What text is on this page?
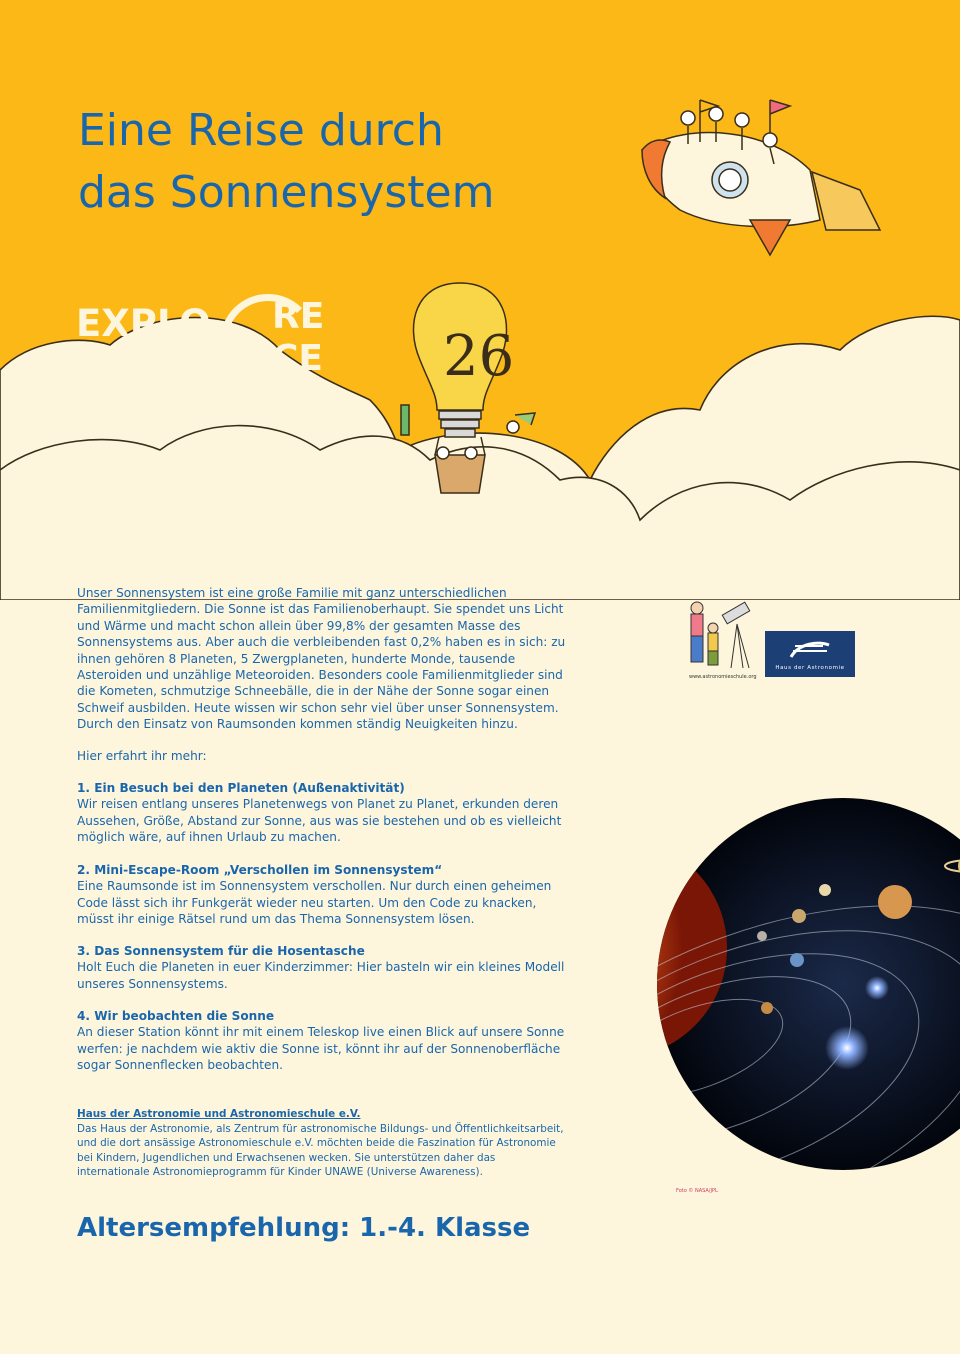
Eine Reise durch
das Sonnensystem
EXPLO
SCIEN
RE
CE 26

Unser Sonnensystem ist eine große Familie mit ganz unterschiedlichen Familienmitgliedern. Die Sonne ist das Familienoberhaupt. Sie spendet uns Licht und Wärme und macht schon allein über 99,8% der gesamten Masse des Sonnensystems aus. Aber auch die verbleibenden fast 0,2% haben es in sich: zu ihnen gehören 8 Planeten, 5 Zwergplaneten, hunderte Monde, tausende Asteroiden und unzählige Meteoroiden. Besonders coole Familienmitglieder sind die Kometen, schmutzige Schneebälle, die in der Nähe der Sonne sogar einen Schweif ausbilden. Heute wissen wir schon sehr viel über unser Sonnensystem. Durch den Einsatz von Raumsonden kommen ständig Neuigkeiten hinzu.

Hier erfahrt ihr mehr:

1. Ein Besuch bei den Planeten (Außenaktivität)
Wir reisen entlang unseres Planetenwegs von Planet zu Planet, erkunden deren Aussehen, Größe, Abstand zur Sonne, aus was sie bestehen und ob es vielleicht möglich wäre, auf ihnen Urlaub zu machen.
2. Mini-Escape-Room „Verschollen im Sonnensystem“
Eine Raumsonde ist im Sonnensystem verschollen. Nur durch einen geheimen Code lässt sich ihr Funkgerät wieder neu starten. Um den Code zu knacken, müsst ihr einige Rätsel rund um das Thema Sonnensystem lösen.
3. Das Sonnensystem für die Hosentasche
Holt Euch die Planeten in euer Kinderzimmer: Hier basteln wir ein kleines Modell unseres Sonnensystems.
4. Wir beobachten die Sonne
An dieser Station könnt ihr mit einem Teleskop live einen Blick auf unsere Sonne werfen: je nachdem wie aktiv die Sonne ist, könnt ihr auf der Sonnenoberfläche sogar Sonnenflecken beobachten.
Haus der Astronomie und Astronomieschule e.V.
Das Haus der Astronomie, als Zentrum für astronomische Bildungs- und Öffentlichkeitsarbeit, und die dort ansässige Astronomieschule e.V. möchten beide die Faszination für Astronomie bei Kindern, Jugendlichen und Erwachsenen wecken. Sie unterstützen daher das internationale Astronomieprogramm für Kinder UNAWE (Universe Awareness).

Altersempfehlung: 1.-4. Klasse

www.astronomieschule.org
Haus der Astronomie
Foto © NASA/JPL
